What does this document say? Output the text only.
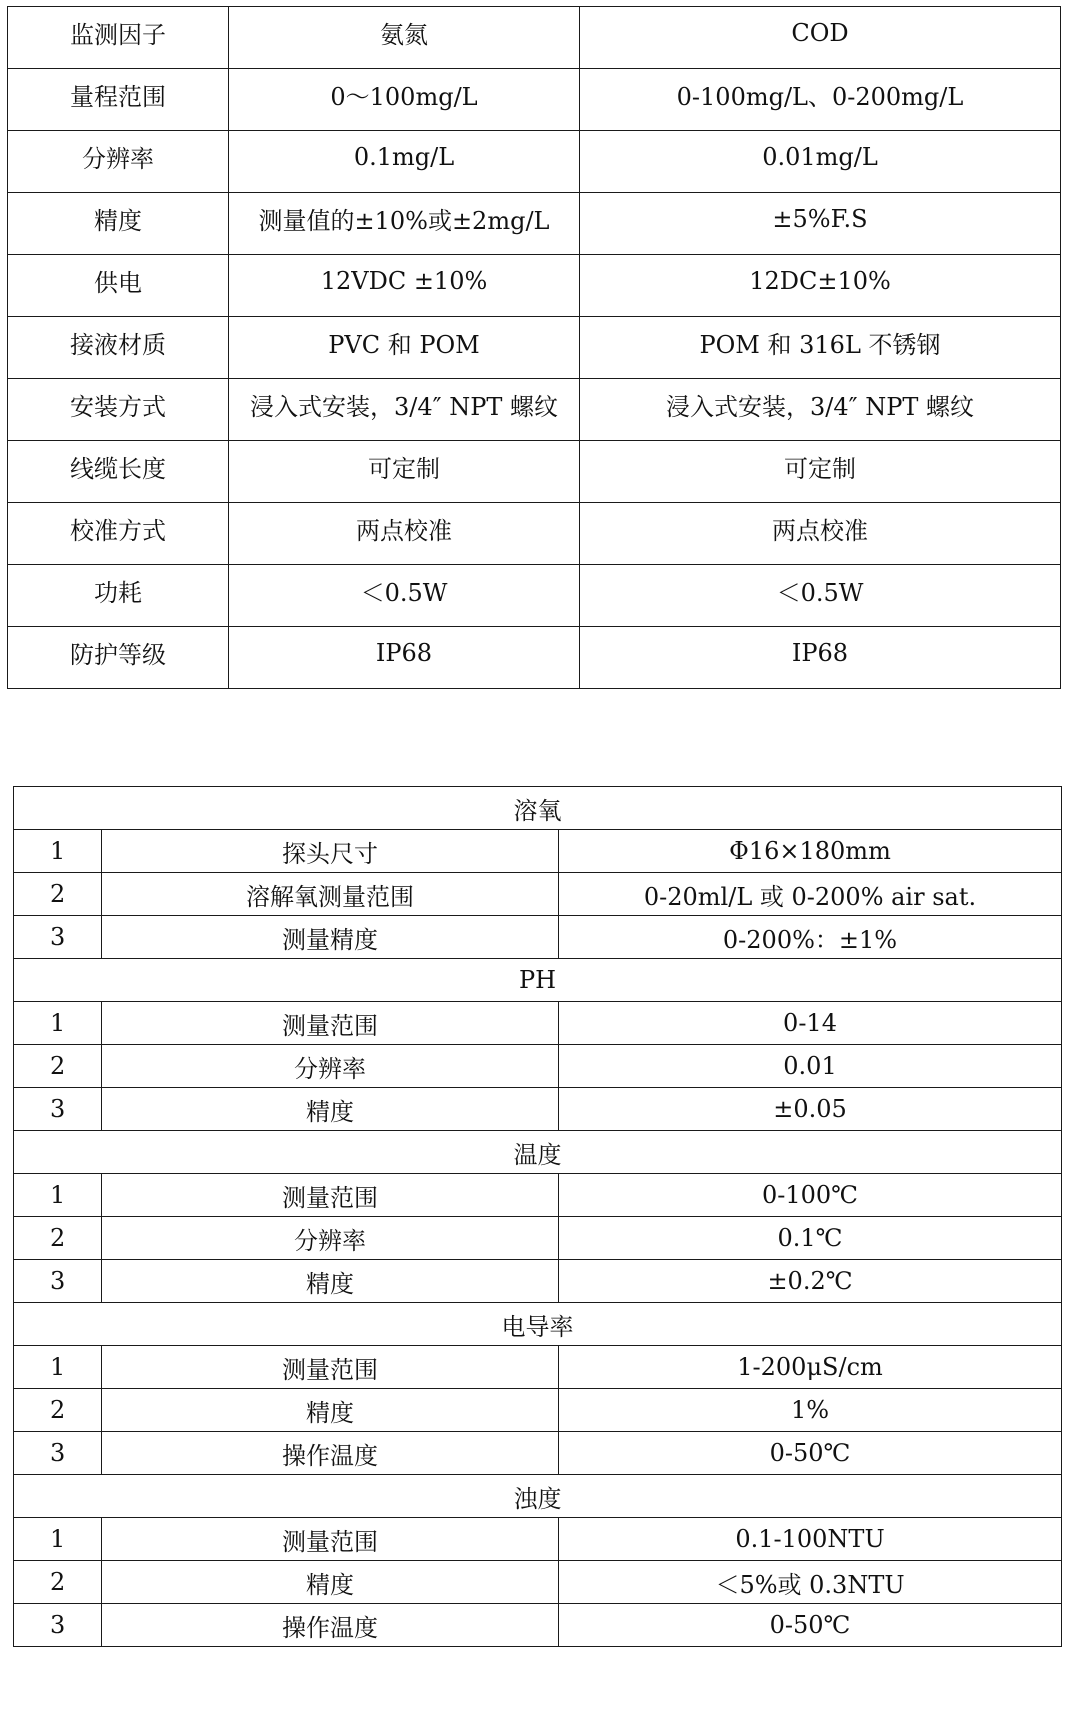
监测因子	氨氮	COD
量程范围	0～100mg/L	0-100mg/L、0-200mg/L
分辨率	0.1mg/L	0.01mg/L
精度	测量值的±10%或±2mg/L	±5%F.S
供电	12VDC ±10%	12DC±10%
接液材质	PVC 和 POM	POM 和 316L 不锈钢
安装方式	浸入式安装，3/4″ NPT 螺纹	浸入式安装，3/4″ NPT 螺纹
线缆长度	可定制	可定制
校准方式	两点校准	两点校准
功耗	＜0.5W	＜0.5W
防护等级	IP68	IP68
溶氧		
1	探头尺寸	Φ16×180mm
2	溶解氧测量范围	0-20ml/L 或 0-200% air sat.
3	测量精度	0-200%：±1%
PH		
1	测量范围	0-14
2	分辨率	0.01
3	精度	±0.05
温度		
1	测量范围	0-100℃
2	分辨率	0.1℃
3	精度	±0.2℃
电导率		
1	测量范围	1-200μS/cm
2	精度	1%
3	操作温度	0-50℃
浊度		
1	测量范围	0.1-100NTU
2	精度	＜5%或 0.3NTU
3	操作温度	0-50℃
